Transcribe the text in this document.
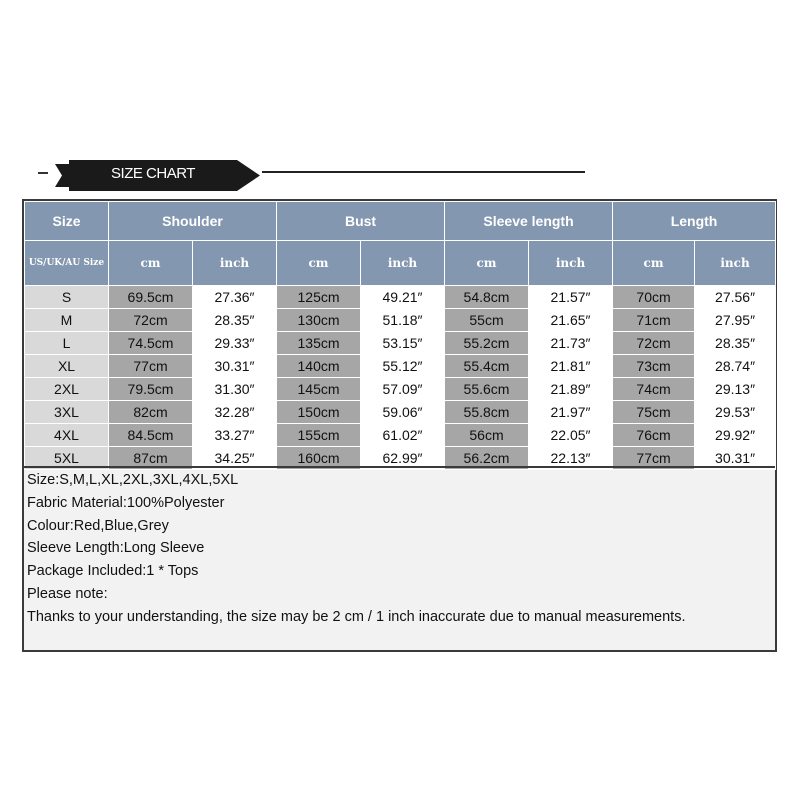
SIZE CHART
Size	Shoulder		Bust		Sleeve length		Length	
US/UK/AU Size	cm	inch	cm	inch	cm	inch	cm	inch
S	69.5cm	27.36″	125cm	49.21″	54.8cm	21.57″	70cm	27.56″
M	72cm	28.35″	130cm	51.18″	55cm	21.65″	71cm	27.95″
L	74.5cm	29.33″	135cm	53.15″	55.2cm	21.73″	72cm	28.35″
XL	77cm	30.31″	140cm	55.12″	55.4cm	21.81″	73cm	28.74″
2XL	79.5cm	31.30″	145cm	57.09″	55.6cm	21.89″	74cm	29.13″
3XL	82cm	32.28″	150cm	59.06″	55.8cm	21.97″	75cm	29.53″
4XL	84.5cm	33.27″	155cm	61.02″	56cm	22.05″	76cm	29.92″
5XL	87cm	34.25″	160cm	62.99″	56.2cm	22.13″	77cm	30.31″
Size:S,M,L,XL,2XL,3XL,4XL,5XL
Fabric Material:100%Polyester
Colour:Red,Blue,Grey
Sleeve Length:Long Sleeve
Package Included:1 * Tops
Please note:
Thanks to your understanding, the size may be 2 cm / 1 inch inaccurate due to manual measurements.
